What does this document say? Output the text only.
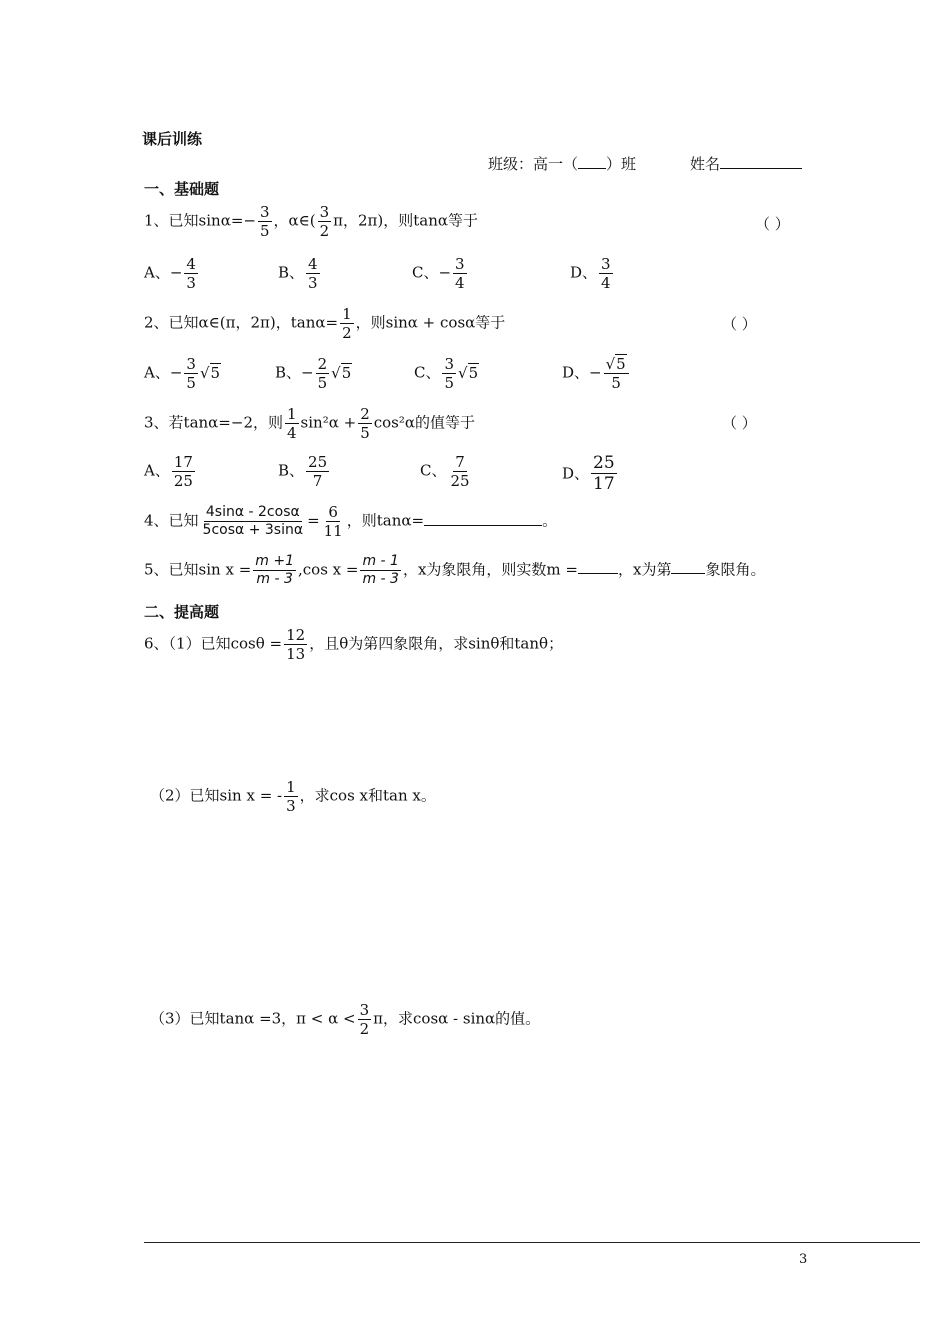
课后训练
班级：高一（ ）班	姓名
一、基础题
1、已知$\sin\alpha=- \frac{3}{5}$ ，α∈( $\frac{3}{2}$ π，2π)，则tanα等于	（ ）
A、− $\frac{4}{3}$	B、 $\frac{4}{3}$	C、− $\frac{3}{4}$	D、 $\frac{3}{4}$
2、已知α∈(π，2π)，$\tan\alpha= \frac{1}{2}$ ，则sinα + cosα等于	（ ）
A、− $\frac{3}{5} √5$	B、− $\frac{2}{5} √5$	C、 $\frac{3}{5} √5$	D、− $\frac{√5}{5}$
3、若tanα=−2，则 $\frac{1}{4} \sin^2\alpha + \frac{2}{5} \cos^2\alpha$的值等于	（ ）
A、 $\frac{17}{25}$	B、 $\frac{25}{7}$	C、 $\frac{7}{25}$	D、 $\frac{25}{17}$
4、已知 $\frac{4\sin\alpha - 2\cos\alpha}{5\cos\alpha + 3\sin\alpha} = \frac{6}{11}$ ，则tanα=	。
5、已知$\sin x = \frac{m +1}{m - 3} ,\cos$ $x = \frac{m - 1}{m - 3}$ ，x为象限角，则实数m =	，x为第 象限角。
二、提高题
6、（1）已知$\cos\theta = \frac{12}{13}$ ，且θ为第四象限角，求sinθ和tanθ；
（2）已知sin x = - $\frac{1}{3}$ ，求cos x和tan x。
（3）已知tanα =3，$\pi < \alpha < \frac{3}{2}$ π，求cosα - sinα的值。
3
